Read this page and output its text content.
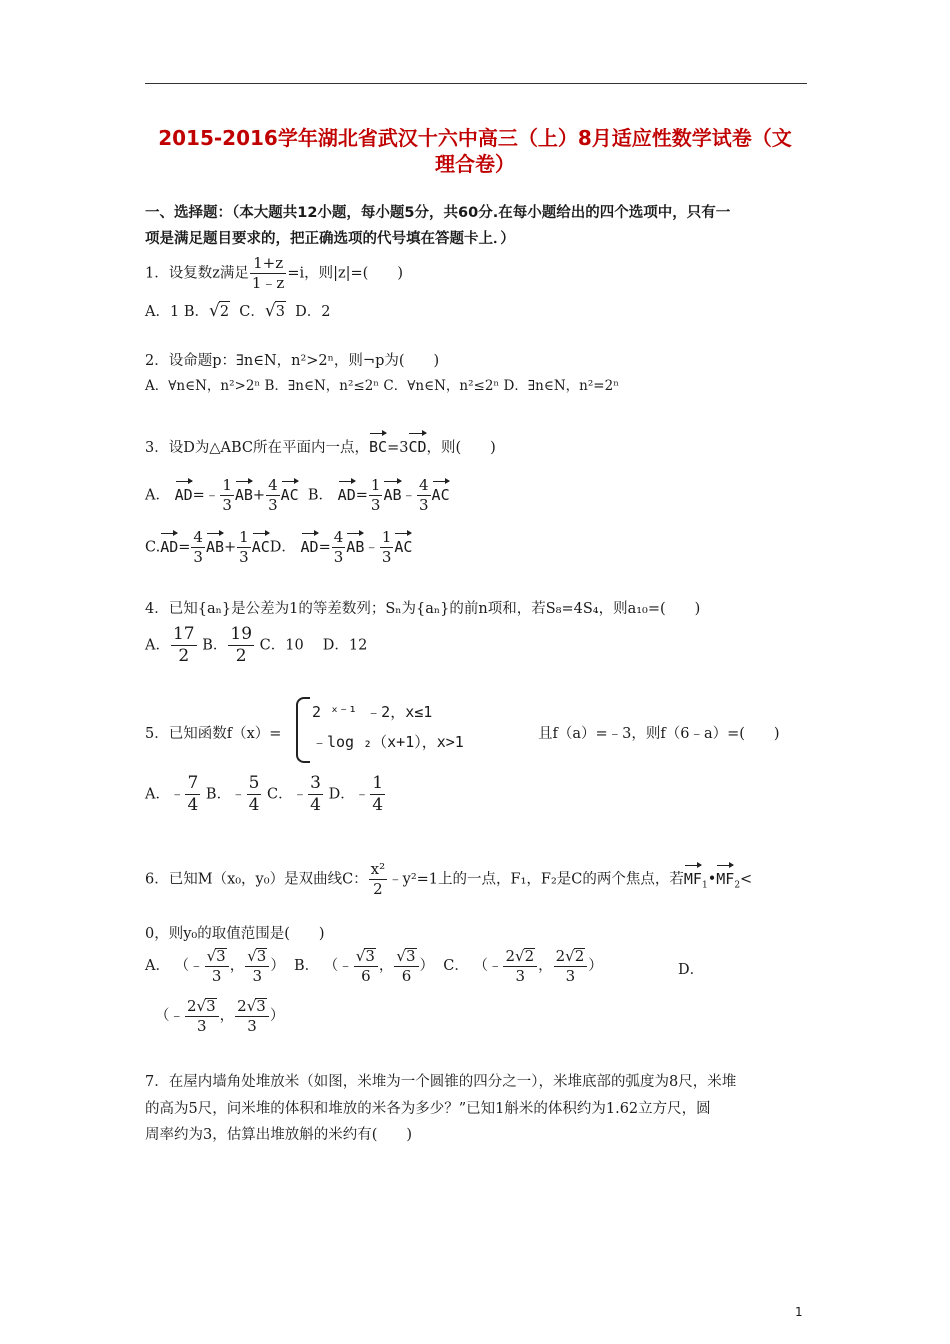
2015-2016学年湖北省武汉十六中高三（上）8月适应性数学试卷（文
理合卷）
一、选择题：（本大题共12小题，每小题5分，共60分.在每小题给出的四个选项中，只有一
项是满足题目要求的，把正确选项的代号填在答题卡上．）
1．设复数z满足 $\frac{1+z}{1﹣z} =i$，则|z|=(　　)
A．1 B．√2 C．√3 D．2
2．设命题p：∃n∈N，n²>2ⁿ，则¬p为(　　)
A．∀n∈N，n²>2ⁿ B．∃n∈N，n²≤2ⁿ C．∀n∈N，n²≤2ⁿ D．∃n∈N，n²=2ⁿ
3．设D为△ABC所在平面内一点，BC=3CD，则(　　)
A． AD=﹣ $\frac{1}{3} AB+ \frac{4}{3}$ AC B． $AD= \frac{1}{3}$ AB﹣ $\frac{4}{3}$ AC
$C.AD= \frac{4}{3} AB+ \frac{1}{3}$ ACD． $AD= \frac{4}{3}$ AB﹣ $\frac{1}{3}$ AC
4．已知{aₙ}是公差为1的等差数列；Sₙ为{aₙ}的前n项和，若S₈=4S₄，则a₁₀=(　　)
A． $\frac{17}{2}$ B． $\frac{19}{2}$ C．10　 D．12
5．已知函数f（x）=
2 ˣ⁻¹ ﹣2，x≤1
﹣log ₂（x+1），x>1	且f（a）=﹣3，则f（6﹣a）=(　　)
A．﹣ $\frac{7}{4}$ B．﹣ $\frac{5}{4}$ C．﹣ $\frac{3}{4}$ D．﹣ $\frac{1}{4}$
6．已知M（x₀，y₀）是双曲线C： $\frac{\text{x²}}{2}$ ﹣y²=1上的一点，F₁，F₂是C的两个焦点，若$MF_1•MF_2<$
0，则y₀的取值范围是(　　)
A． （﹣ $\frac{√3}{3}$ ， $\frac{√3}{3}$ ）  B． （﹣ $\frac{√3}{6}$ ， $\frac{√3}{6}$ ）  C． （﹣ $\frac{2√2}{3}$ ， $\frac{2√2}{3}$ ）	D．
（﹣ $\frac{2√3}{3}$ ， $\frac{2√3}{3}$ ）
7．在屋内墙角处堆放米（如图，米堆为一个圆锥的四分之一），米堆底部的弧度为8尺，米堆
的高为5尺，问米堆的体积和堆放的米各为多少？”已知1斛米的体积约为1.62立方尺，圆
周率约为3，估算出堆放斛的米约有(　　)
1
